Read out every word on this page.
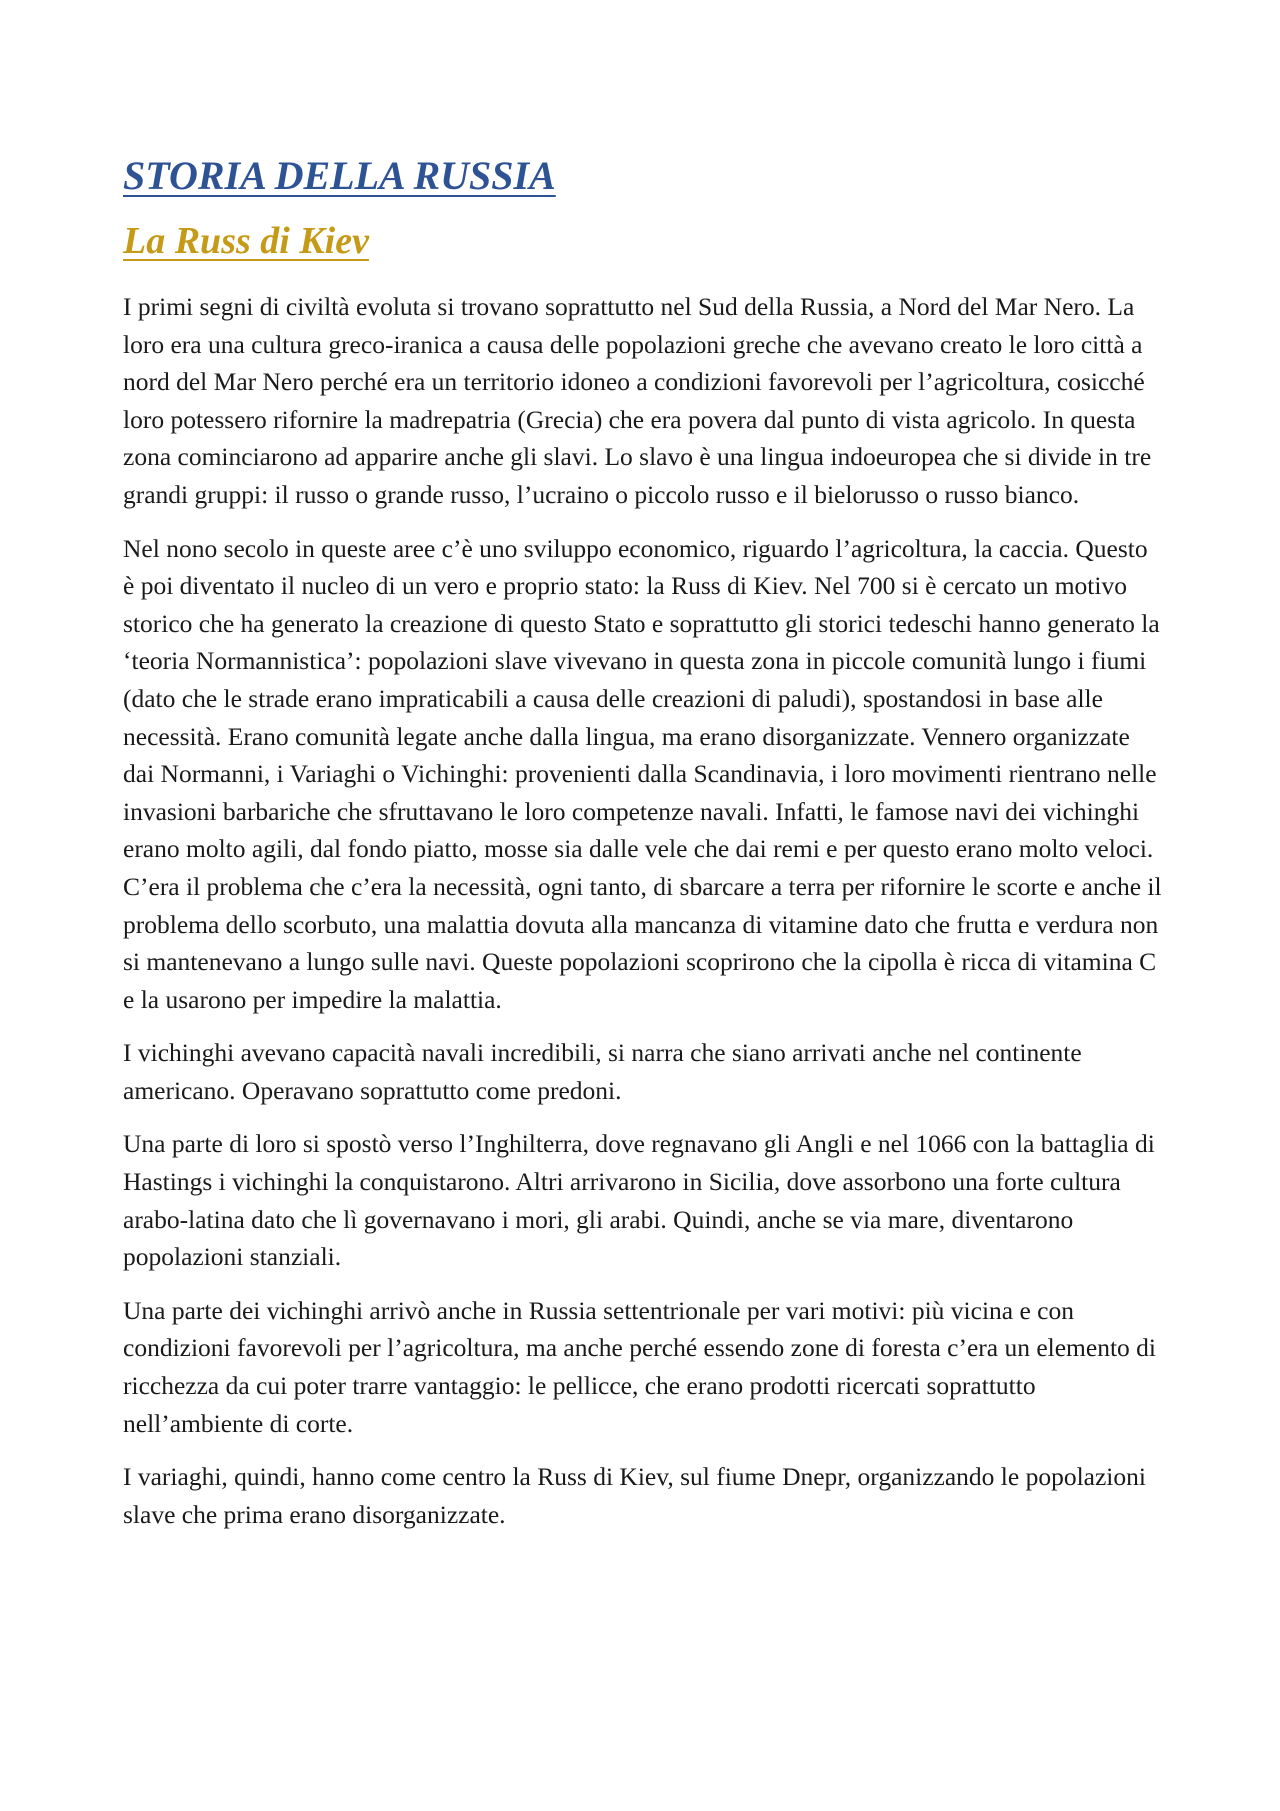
STORIA DELLA RUSSIA
La Russ di Kiev

I primi segni di civiltà evoluta si trovano soprattutto nel Sud della Russia, a Nord del Mar Nero. La loro era una cultura greco-iranica a causa delle popolazioni greche che avevano creato le loro città a nord del Mar Nero perché era un territorio idoneo a condizioni favorevoli per l’agricoltura, cosicché loro potessero rifornire la madrepatria (Grecia) che era povera dal punto di vista agricolo. In questa zona cominciarono ad apparire anche gli slavi. Lo slavo è una lingua indoeuropea che si divide in tre grandi gruppi: il russo o grande russo, l’ucraino o piccolo russo e il bielorusso o russo bianco.

Nel nono secolo in queste aree c’è uno sviluppo economico, riguardo l’agricoltura, la caccia. Questo è poi diventato il nucleo di un vero e proprio stato: la Russ di Kiev. Nel 700 si è cercato un motivo storico che ha generato la creazione di questo Stato e soprattutto gli storici tedeschi hanno generato la ‘teoria Normannistica’: popolazioni slave vivevano in questa zona in piccole comunità lungo i fiumi (dato che le strade erano impraticabili a causa delle creazioni di paludi), spostandosi in base alle necessità. Erano comunità legate anche dalla lingua, ma erano disorganizzate. Vennero organizzate dai Normanni, i Variaghi o Vichinghi: provenienti dalla Scandinavia, i loro movimenti rientrano nelle invasioni barbariche che sfruttavano le loro competenze navali. Infatti, le famose navi dei vichinghi erano molto agili, dal fondo piatto, mosse sia dalle vele che dai remi e per questo erano molto veloci. C’era il problema che c’era la necessità, ogni tanto, di sbarcare a terra per rifornire le scorte e anche il problema dello scorbuto, una malattia dovuta alla mancanza di vitamine dato che frutta e verdura non si mantenevano a lungo sulle navi. Queste popolazioni scoprirono che la cipolla è ricca di vitamina C e la usarono per impedire la malattia.

I vichinghi avevano capacità navali incredibili, si narra che siano arrivati anche nel continente americano. Operavano soprattutto come predoni.

Una parte di loro si spostò verso l’Inghilterra, dove regnavano gli Angli e nel 1066 con la battaglia di Hastings i vichinghi la conquistarono. Altri arrivarono in Sicilia, dove assorbono una forte cultura arabo-latina dato che lì governavano i mori, gli arabi. Quindi, anche se via mare, diventarono popolazioni stanziali.

Una parte dei vichinghi arrivò anche in Russia settentrionale per vari motivi: più vicina e con condizioni favorevoli per l’agricoltura, ma anche perché essendo zone di foresta c’era un elemento di ricchezza da cui poter trarre vantaggio: le pellicce, che erano prodotti ricercati soprattutto nell’ambiente di corte.

I variaghi, quindi, hanno come centro la Russ di Kiev, sul fiume Dnepr, organizzando le popolazioni slave che prima erano disorganizzate.
